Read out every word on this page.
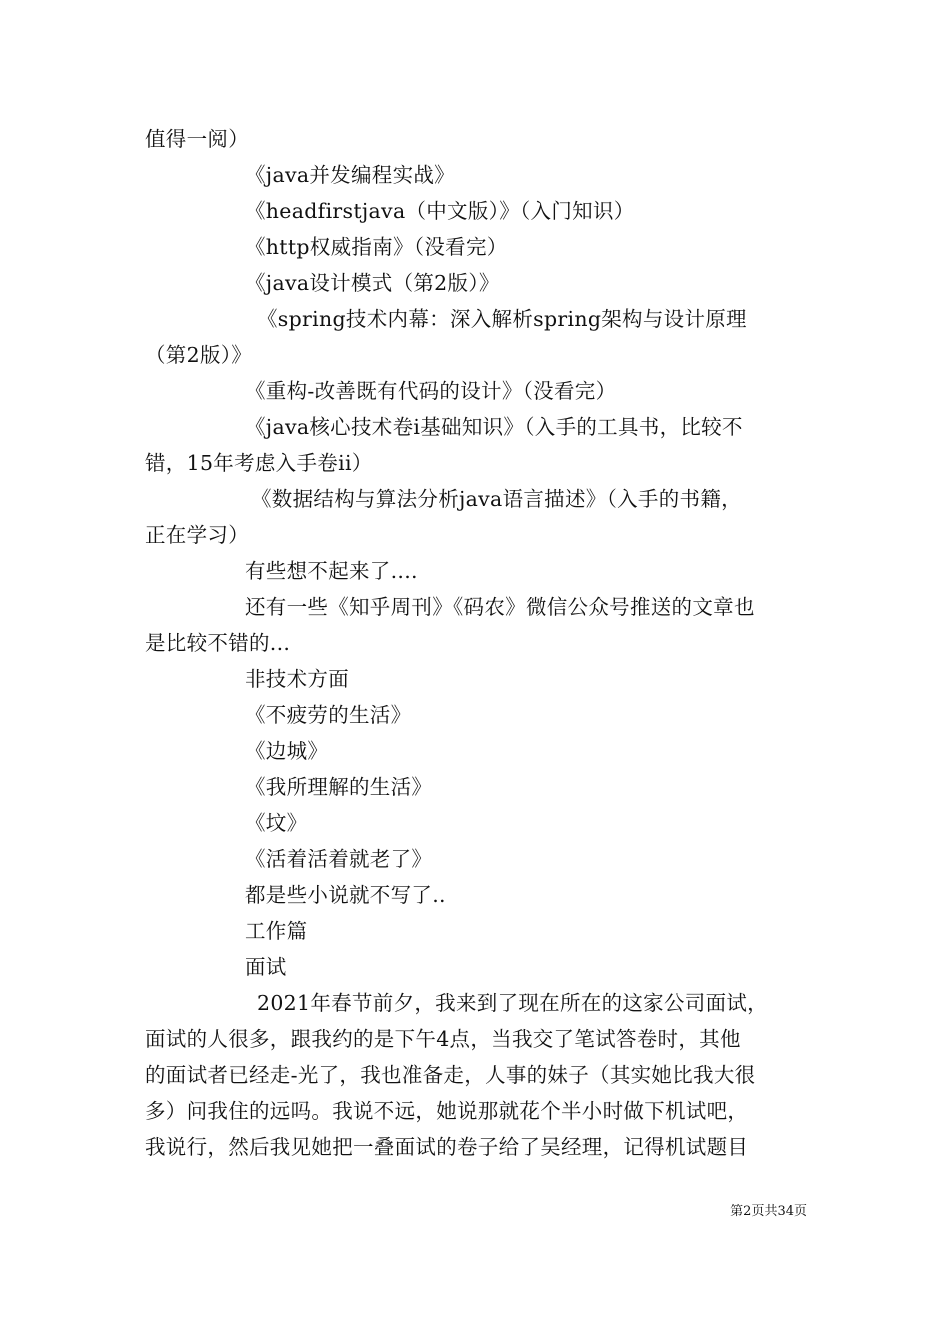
值得一阅）
《java并发编程实战》
《headfirstjava（中文版）》（入门知识）
《http权威指南》（没看完）
《java设计模式（第2版）》
《spring技术内幕：深入解析spring架构与设计原理
（第2版）》
《重构-改善既有代码的设计》（没看完）
《java核心技术卷i基础知识》（入手的工具书，比较不
错，15年考虑入手卷ii）
《数据结构与算法分析java语言描述》（入手的书籍，
正在学习）
有些想不起来了....
还有一些《知乎周刊》《码农》微信公众号推送的文章也
是比较不错的...
非技术方面
《不疲劳的生活》
《边城》
《我所理解的生活》
《坟》
《活着活着就老了》
都是些小说就不写了..
工作篇
面试
2021年春节前夕，我来到了现在所在的这家公司面试，
面试的人很多，跟我约的是下午4点，当我交了笔试答卷时，其他
的面试者已经走-光了，我也准备走，人事的妹子（其实她比我大很
多）问我住的远吗。我说不远，她说那就花个半小时做下机试吧，
我说行，然后我见她把一叠面试的卷子给了吴经理，记得机试题目
第2页共34页
